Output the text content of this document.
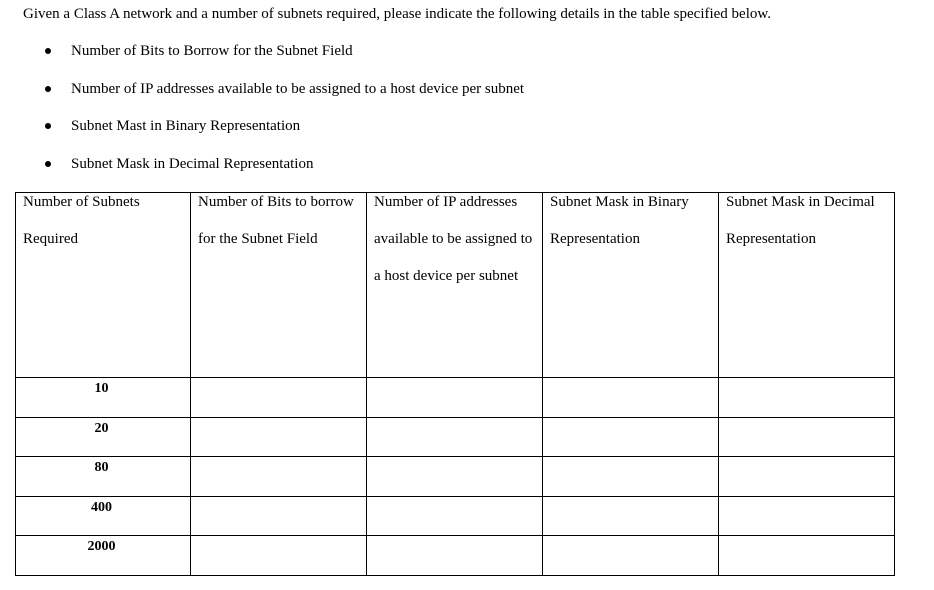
Given a Class A network and a number of subnets required, please indicate the following details in the table specified below.
Number of Bits to Borrow for the Subnet Field
Number of IP addresses available to be assigned to a host device per subnet
Subnet Mast in Binary Representation
Subnet Mask in Decimal Representation
Number of Subnets Required	Number of Bits to borrow for the Subnet Field	Number of IP addresses available to be assigned to a host device per subnet	Subnet Mask in Binary Representation	Subnet Mask in Decimal Representation

10				

20				

80				

400				

2000				
